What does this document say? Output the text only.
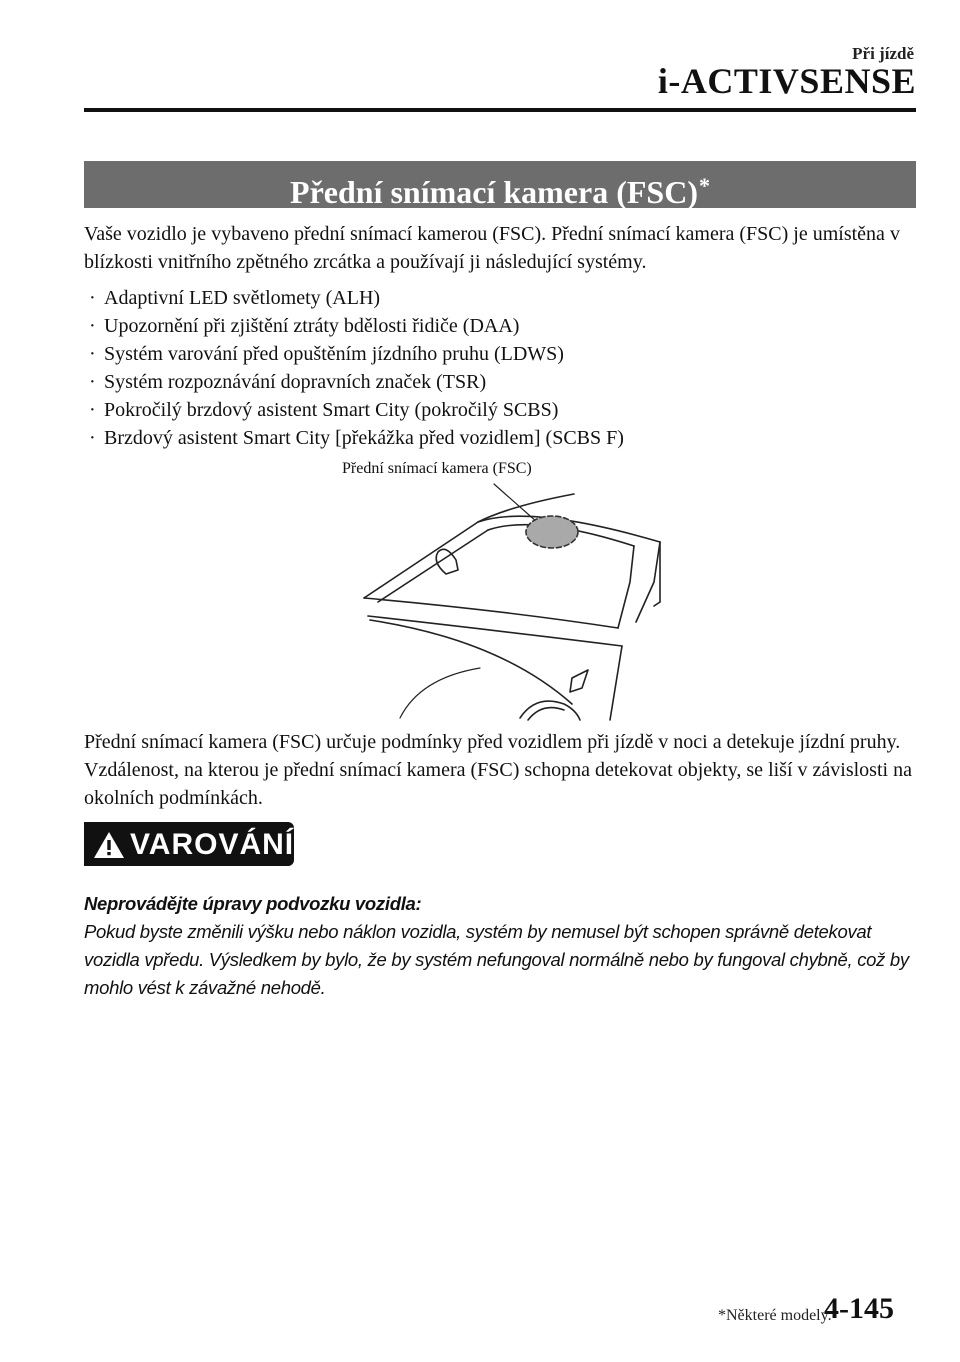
Při jízdě
i-ACTIVSENSE
Přední snímací kamera (FSC)*
Vaše vozidlo je vybaveno přední snímací kamerou (FSC). Přední snímací kamera (FSC) je umístěna v blízkosti vnitřního zpětného zrcátka a používají ji následující systémy.
· Adaptivní LED světlomety (ALH)
· Upozornění při zjištění ztráty bdělosti řidiče (DAA)
· Systém varování před opuštěním jízdního pruhu (LDWS)
· Systém rozpoznávání dopravních značek (TSR)
· Pokročilý brzdový asistent Smart City (pokročilý SCBS)
· Brzdový asistent Smart City [překážka před vozidlem] (SCBS F)
Přední snímací kamera (FSC)
Přední snímací kamera (FSC) určuje podmínky před vozidlem při jízdě v noci a detekuje jízdní pruhy. Vzdálenost, na kterou je přední snímací kamera (FSC) schopna detekovat objekty, se liší v závislosti na okolních podmínkách.
VAROVÁNÍ
Neprovádějte úpravy podvozku vozidla:
Pokud byste změnili výšku nebo náklon vozidla, systém by nemusel být schopen správně detekovat vozidla vpředu. Výsledkem by bylo, že by systém nefungoval normálně nebo by fungoval chybně, což by mohlo vést k závažné nehodě.
*Některé modely.
4-145
